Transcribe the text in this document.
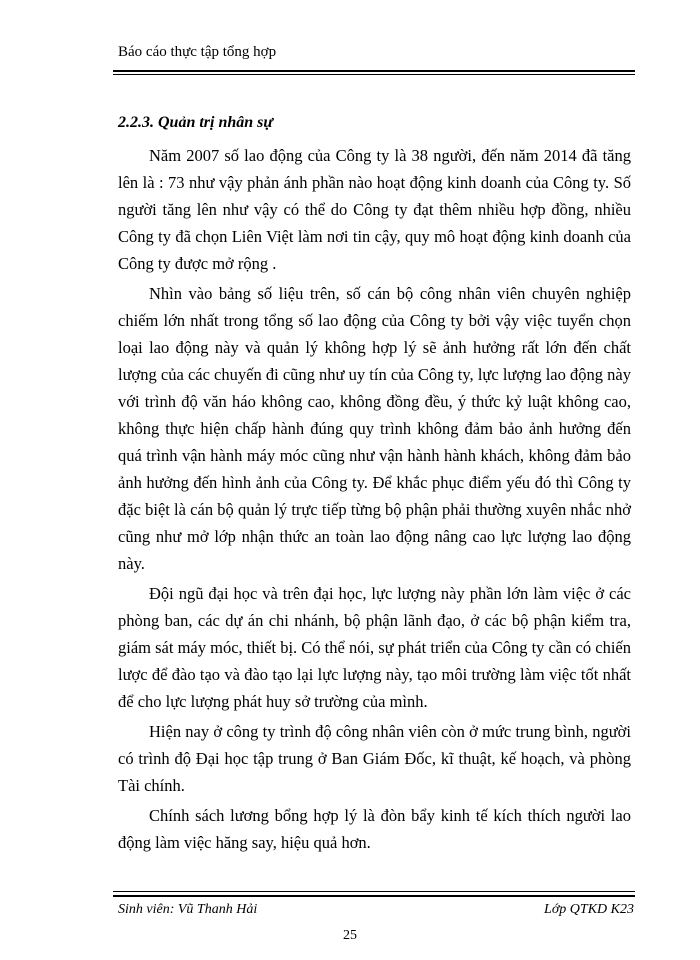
Báo cáo thực tập tổng hợp
2.2.3. Quản trị nhân sự

Năm 2007 số lao động của Công ty là 38 người, đến năm 2014 đã tăng lên là : 73 như vậy phản ánh phần nào hoạt động kinh doanh của Công ty. Số người tăng lên như vậy có thể do Công ty đạt thêm nhiều hợp đồng, nhiều Công ty đã chọn Liên Việt làm nơi tin cậy, quy mô hoạt động kinh doanh của Công ty được mở rộng .

Nhìn vào bảng số liệu trên, số cán bộ công nhân viên chuyên nghiệp chiếm lớn nhất trong tổng số lao động của Công ty bởi vậy việc tuyển chọn loại lao động này và quản lý không hợp lý sẽ ảnh hưởng rất lớn đến chất lượng của các chuyến đi cũng như uy tín của Công ty, lực lượng lao động này với trình độ văn háo không cao, không đồng đều, ý thức kỷ luật không cao, không thực hiện chấp hành đúng quy trình không đảm bảo ảnh hưởng đến quá trình vận hành máy móc cũng như vận hành hành khách, không đảm bảo ảnh hưởng đến hình ảnh của Công ty. Để khắc phục điểm yếu đó thì Công ty đặc biệt là cán bộ quản lý trực tiếp từng bộ phận phải thường xuyên nhắc nhở cũng như mở lớp nhận thức an toàn lao động nâng cao lực lượng lao động này.

Đội ngũ đại học và trên đại học, lực lượng này phần lớn làm việc ở các phòng ban, các dự án chi nhánh, bộ phận lãnh đạo, ở các bộ phận kiểm tra, giám sát máy móc, thiết bị. Có thể nói, sự phát triển của Công ty cần có chiến lược để đào tạo và đào tạo lại lực lượng này, tạo môi trường làm việc tốt nhất để cho lực lượng phát huy sở trường của mình.

Hiện nay ở công ty trình độ công nhân viên còn ở mức trung bình, người có trình độ Đại học tập trung ở Ban Giám Đốc, kĩ thuật, kế hoạch, và phòng Tài chính.

Chính sách lương bổng hợp lý là đòn bẩy kinh tế kích thích người lao động làm việc hăng say, hiệu quả hơn.

Sinh viên: Vũ Thanh Hải	Lớp QTKD K23
25
